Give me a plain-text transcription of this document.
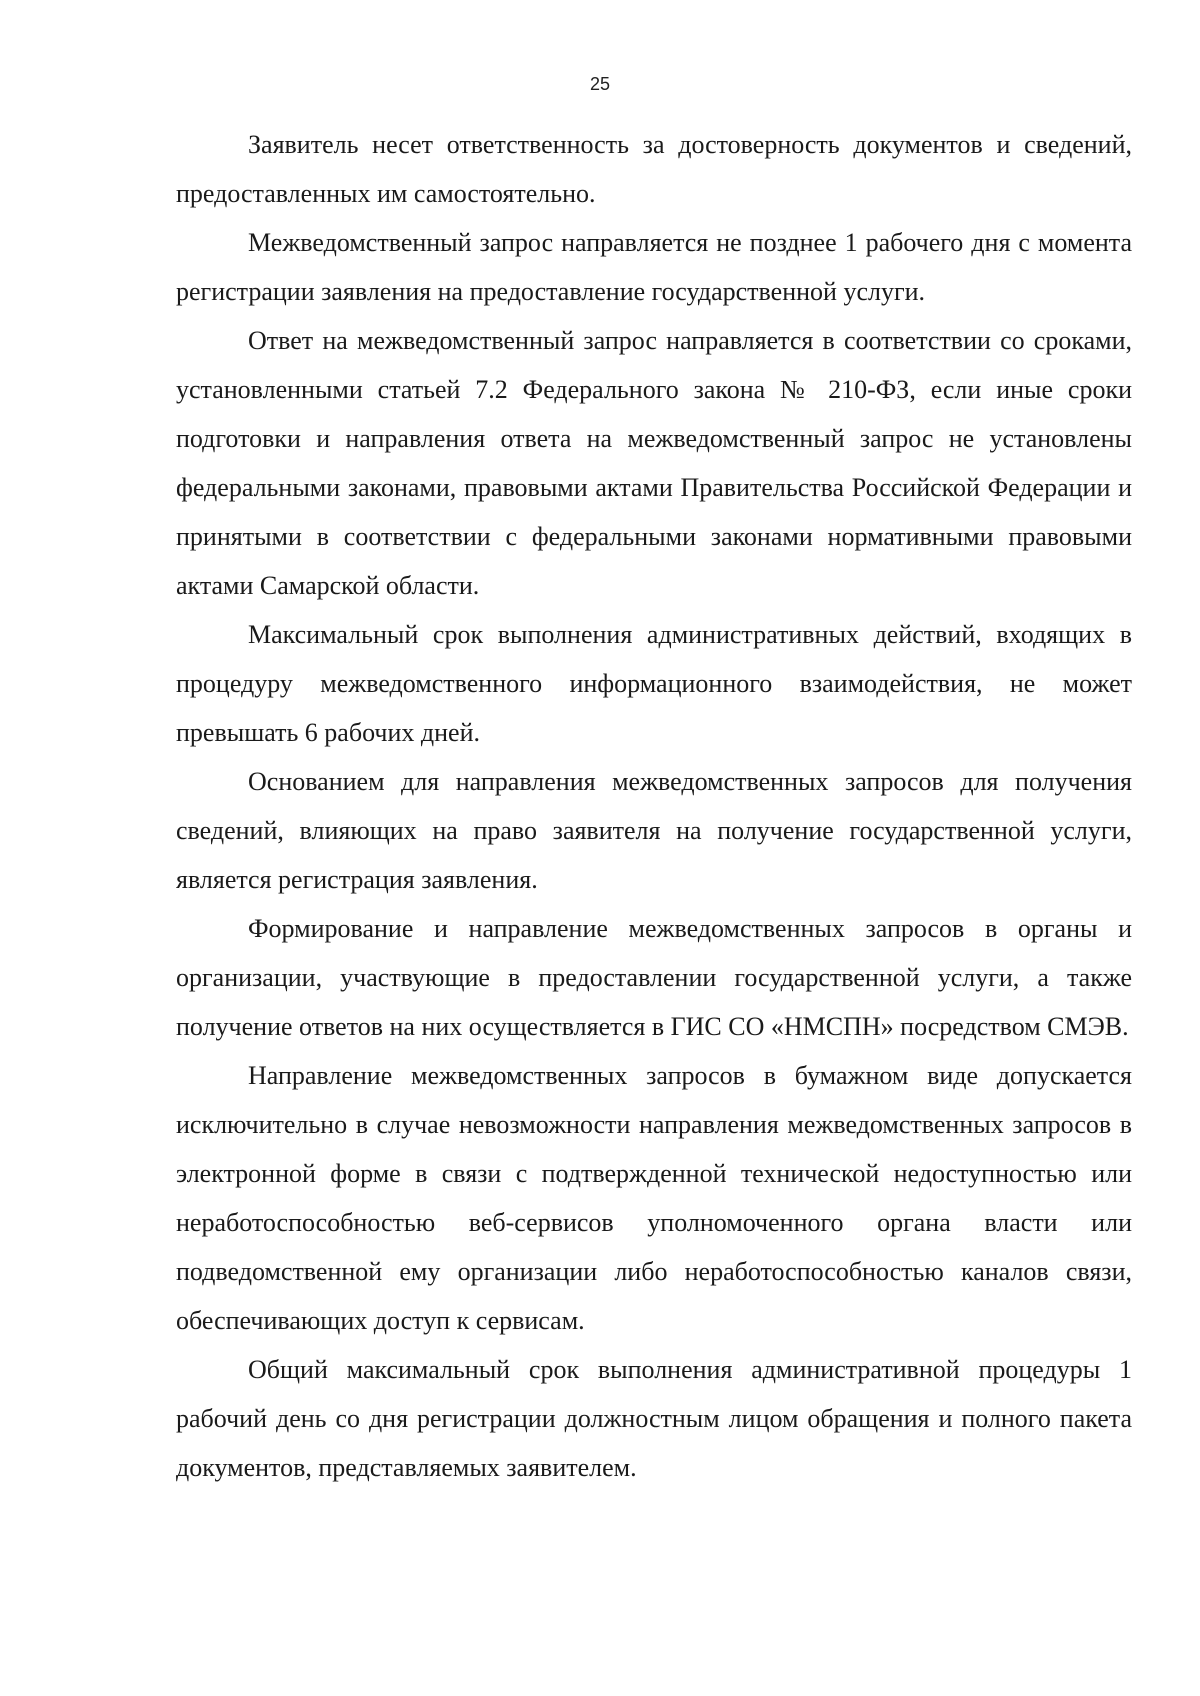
25

Заявитель несет ответственность за достоверность документов и сведений, предоставленных им самостоятельно.

Межведомственный запрос направляется не позднее 1 рабочего дня с момента регистрации заявления на предоставление государственной услуги.

Ответ на межведомственный запрос направляется в соответствии со сроками, установленными статьей 7.2 Федерального закона № 210-ФЗ, если иные сроки подготовки и направления ответа на межведомственный запрос не установлены федеральными законами, правовыми актами Правительства Российской Федерации и принятыми в соответствии с федеральными законами нормативными правовыми актами Самарской области.

Максимальный срок выполнения административных действий, входящих в процедуру межведомственного информационного взаимодействия, не может превышать 6 рабочих дней.

Основанием для направления межведомственных запросов для получения сведений, влияющих на право заявителя на получение государственной услуги, является регистрация заявления.

Формирование и направление межведомственных запросов в органы и организации, участвующие в предоставлении государственной услуги, а также получение ответов на них осуществляется в ГИС СО «НМСПН» посредством СМЭВ.

Направление межведомственных запросов в бумажном виде допускается исключительно в случае невозможности направления межведомственных запросов в электронной форме в связи с подтвержденной технической недоступностью или неработоспособностью веб-сервисов уполномоченного органа власти или подведомственной ему организации либо неработоспособностью каналов связи, обеспечивающих доступ к сервисам.

Общий максимальный срок выполнения административной процедуры 1 рабочий день со дня регистрации должностным лицом обращения и полного пакета документов, представляемых заявителем.
